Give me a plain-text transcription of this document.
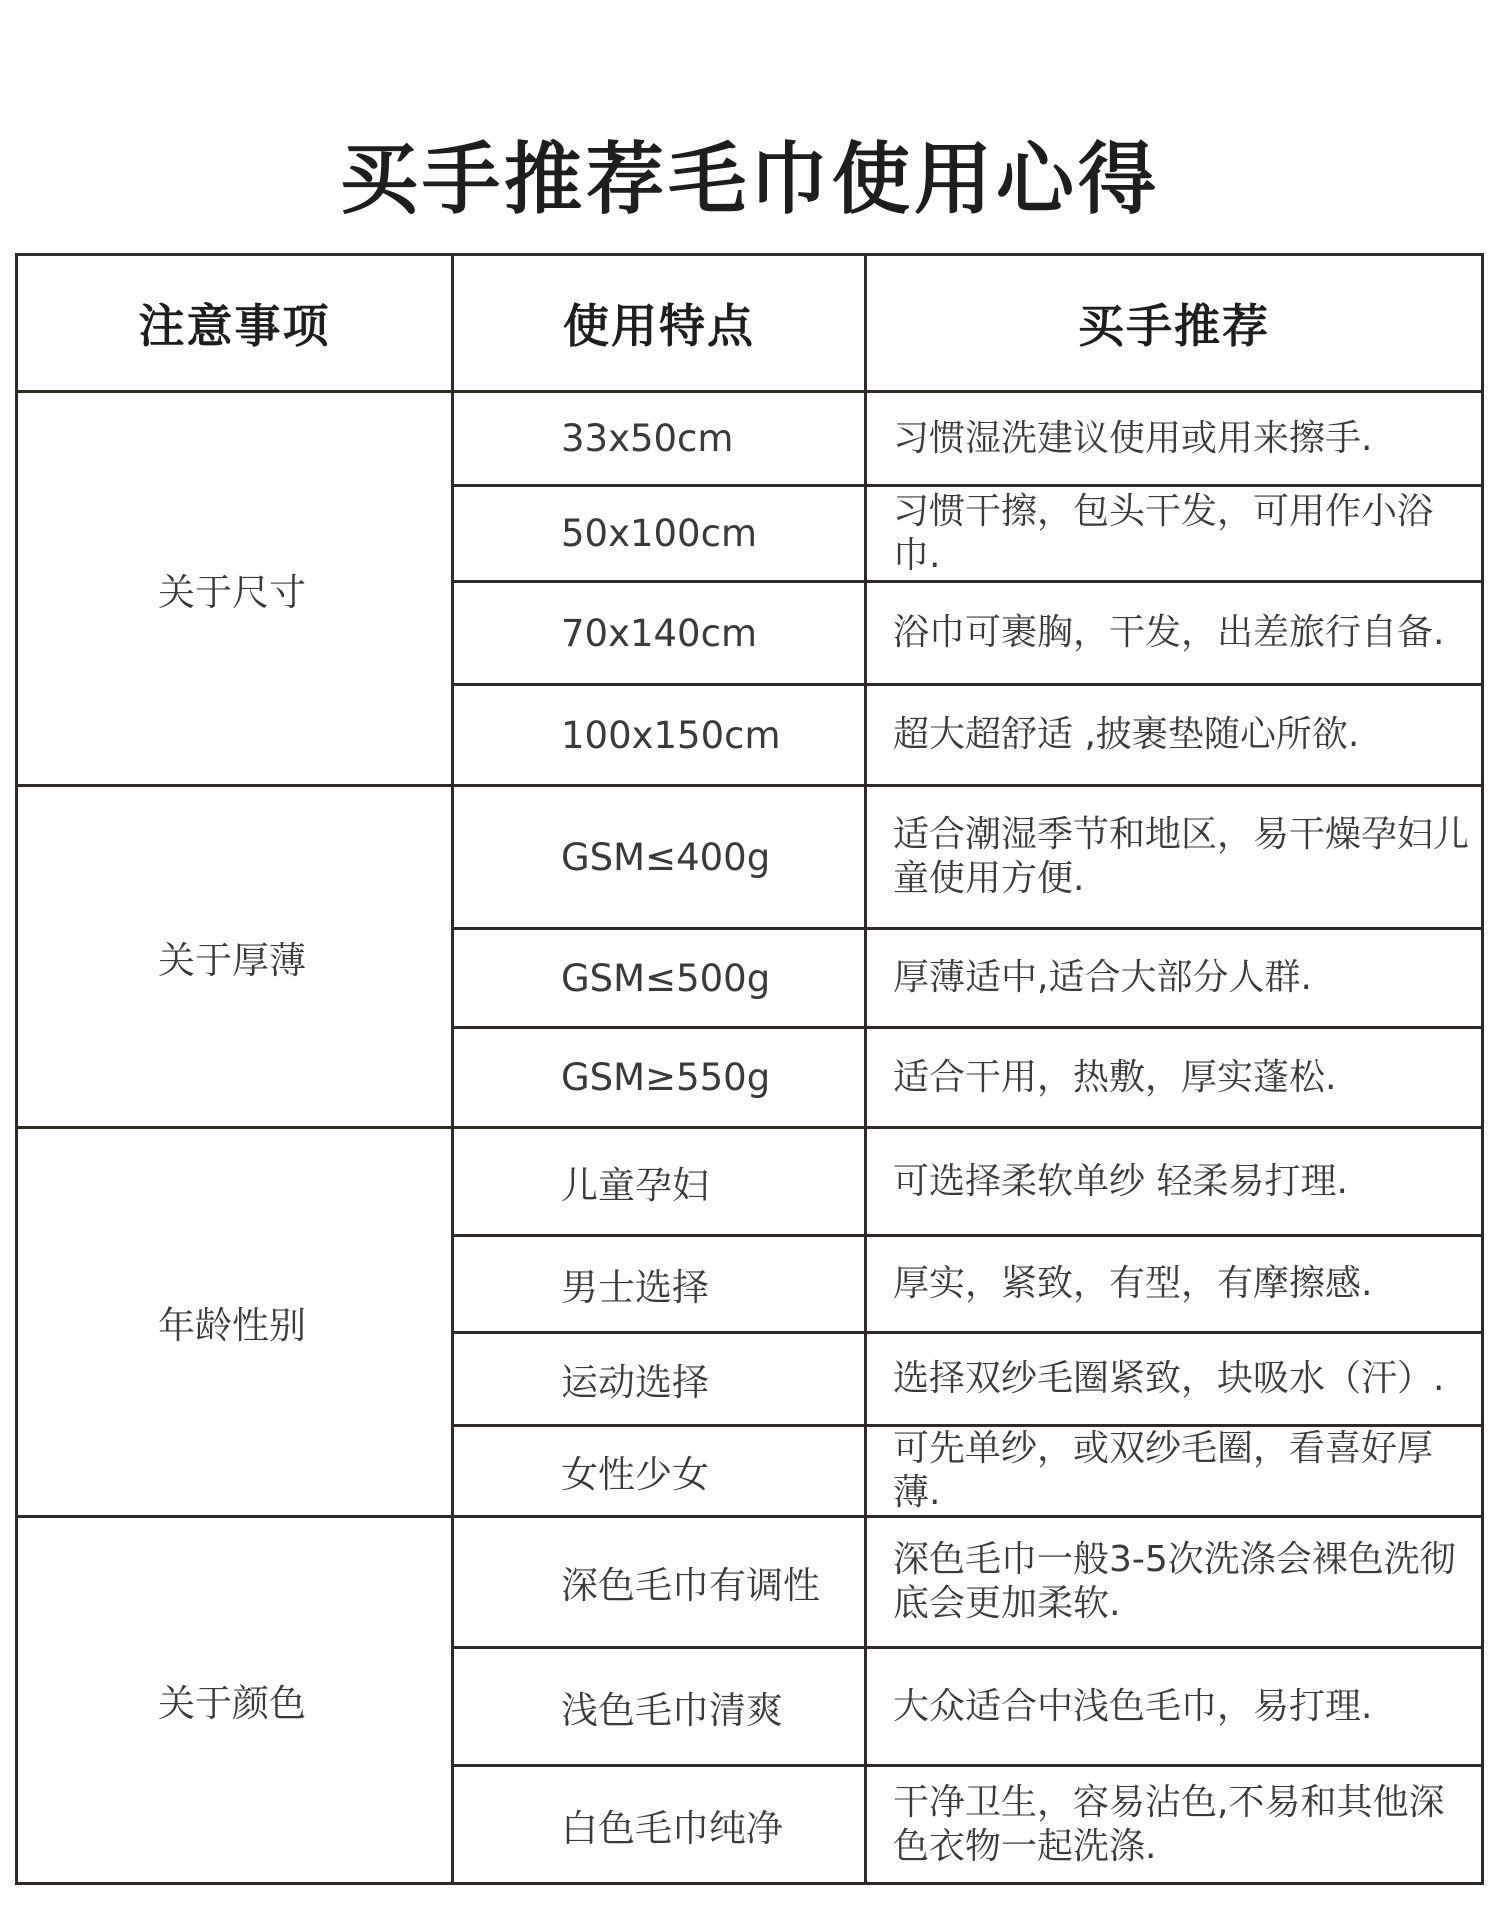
买手推荐毛巾使用心得
注意事项	使用特点	买手推荐
关于尺寸	33x50cm	习惯湿洗建议使用或用来擦手.
	50x100cm	习惯干擦，包头干发，可用作小浴巾.
	70x140cm	浴巾可裹胸，干发，出差旅行自备.
	100x150cm	超大超舒适 ,披裹垫随心所欲.
关于厚薄	GSM≤400g	适合潮湿季节和地区，易干燥孕妇儿童使用方便.
	GSM≤500g	厚薄适中,适合大部分人群.
	GSM≥550g	适合干用，热敷，厚实蓬松.
年龄性别	儿童孕妇	可选择柔软单纱 轻柔易打理.
	男士选择	厚实，紧致，有型，有摩擦感.
	运动选择	选择双纱毛圈紧致，块吸水（汗）.
	女性少女	可先单纱，或双纱毛圈，看喜好厚薄.
关于颜色	深色毛巾有调性	深色毛巾一般3-5次洗涤会裸色洗彻底会更加柔软.
	浅色毛巾清爽	大众适合中浅色毛巾，易打理.
	白色毛巾纯净	干净卫生，容易沾色,不易和其他深色衣物一起洗涤.
